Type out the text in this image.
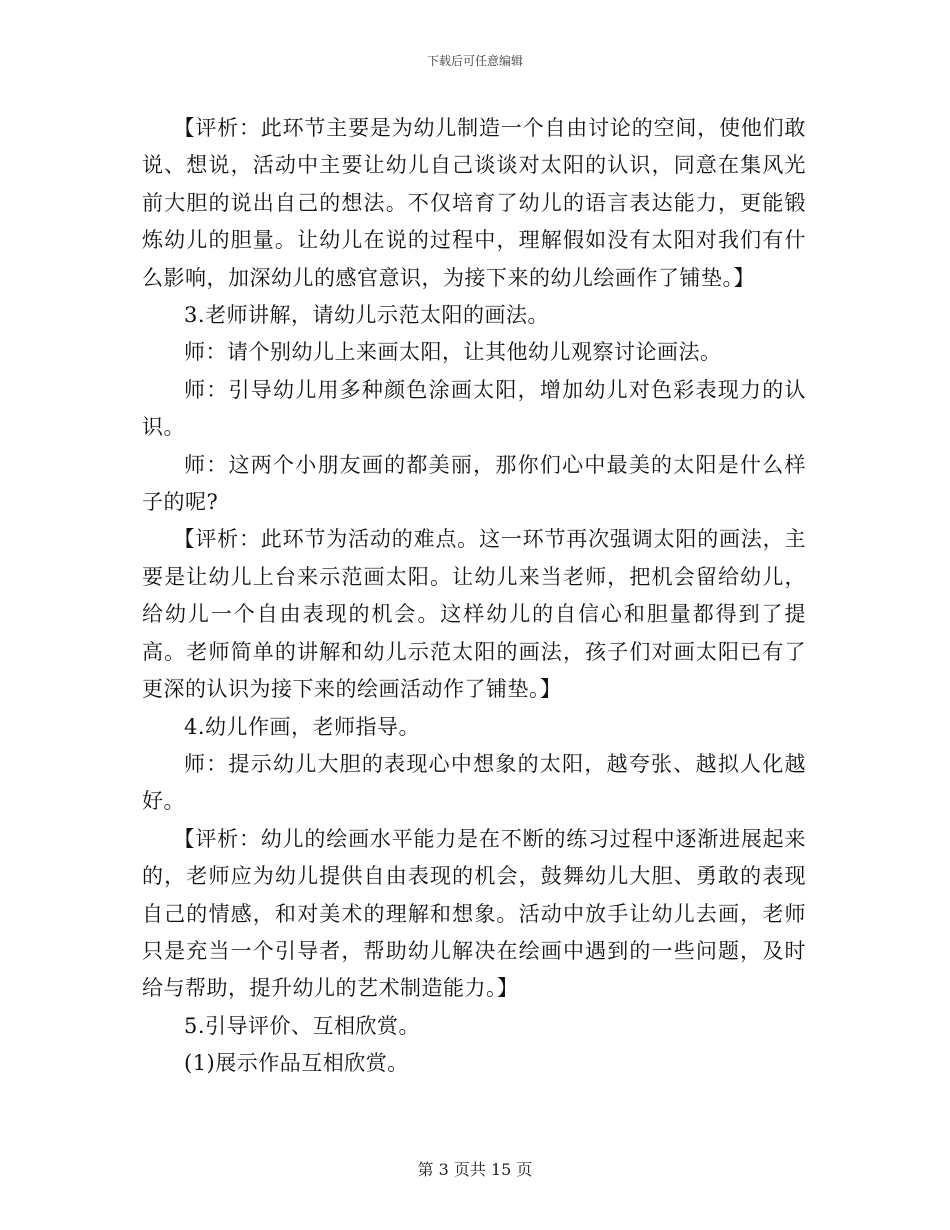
下载后可任意编辑

【评析：此环节主要是为幼儿制造一个自由讨论的空间，使他们敢说、想说，活动中主要让幼儿自己谈谈对太阳的认识，同意在集风光前大胆的说出自己的想法。不仅培育了幼儿的语言表达能力，更能锻炼幼儿的胆量。让幼儿在说的过程中，理解假如没有太阳对我们有什么影响，加深幼儿的感官意识，为接下来的幼儿绘画作了铺垫。】

3.老师讲解，请幼儿示范太阳的画法。

师：请个别幼儿上来画太阳，让其他幼儿观察讨论画法。

师：引导幼儿用多种颜色涂画太阳，增加幼儿对色彩表现力的认识。

师：这两个小朋友画的都美丽，那你们心中最美的太阳是什么样子的呢?

【评析：此环节为活动的难点。这一环节再次强调太阳的画法，主要是让幼儿上台来示范画太阳。让幼儿来当老师，把机会留给幼儿，给幼儿一个自由表现的机会。这样幼儿的自信心和胆量都得到了提高。老师简单的讲解和幼儿示范太阳的画法，孩子们对画太阳已有了更深的认识为接下来的绘画活动作了铺垫。】

4.幼儿作画，老师指导。

师：提示幼儿大胆的表现心中想象的太阳，越夸张、越拟人化越好。

【评析：幼儿的绘画水平能力是在不断的练习过程中逐渐进展起来的，老师应为幼儿提供自由表现的机会，鼓舞幼儿大胆、勇敢的表现自己的情感，和对美术的理解和想象。活动中放手让幼儿去画，老师只是充当一个引导者，帮助幼儿解决在绘画中遇到的一些问题，及时给与帮助，提升幼儿的艺术制造能力。】

5.引导评价、互相欣赏。

(1)展示作品互相欣赏。

第 3 页共 15 页
